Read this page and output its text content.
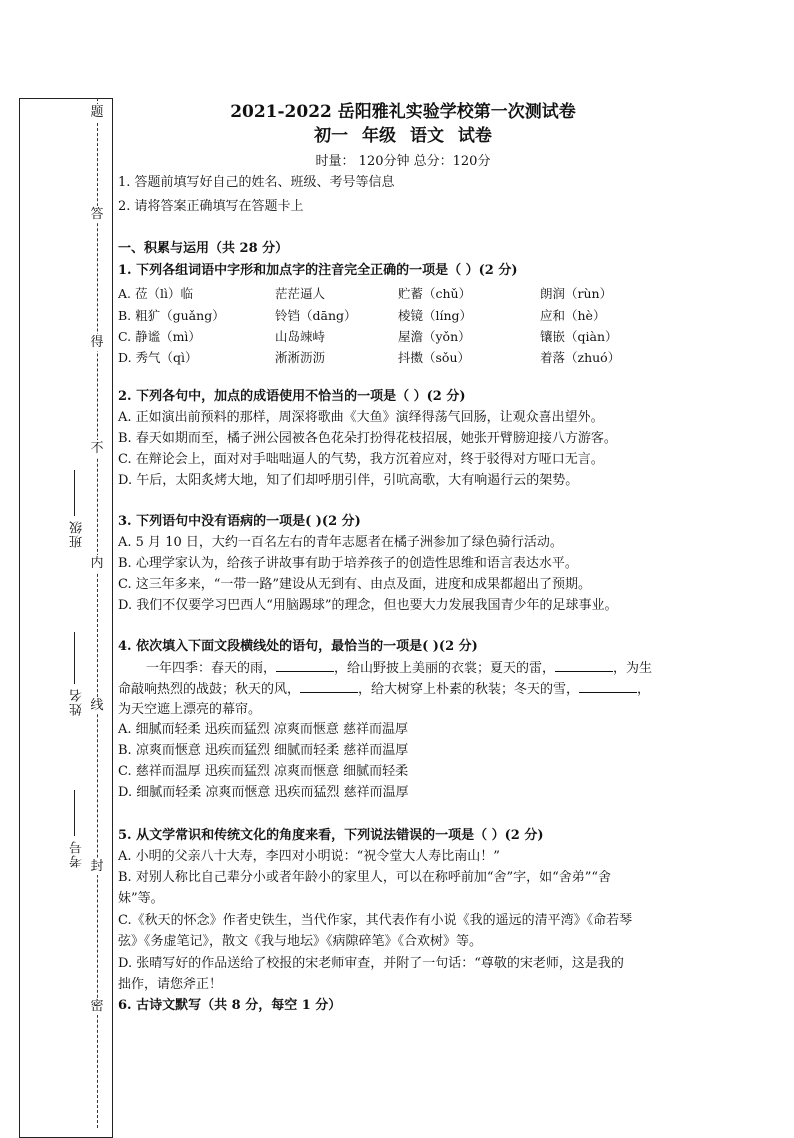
题
答
得
不
内
线
封
密
班级
姓名
考号
2021-2022 岳阳雅礼实验学校第一次测试卷
初一 年级 语文 试卷
时量： 120分钟 总分：120分
1. 答题前填写好自己的姓名、班级、考号等信息
2. 请将答案正确填写在答题卡上
一、积累与运用（共 28 分）
1. 下列各组词语中字形和加点字的注音完全正确的一项是（ ）(2 分)
A. 莅（lì）临	茫茫逼人	贮蓄（chǔ）	朗润（rùn）
B. 粗犷（guǎng）	铃铛（dāng）	棱镜（líng）	应和（hè）
C. 静谧（mì）	山岛竦峙	屋澹（yǒn）	镶嵌（qiàn）
D. 秀气（qì）	淅淅沥沥	抖擞（sǒu）	着落（zhuó）
2. 下列各句中，加点的成语使用不恰当的一项是（ ）(2 分)
A. 正如演出前预料的那样，周深将歌曲《大鱼》演绎得荡气回肠，让观众喜出望外。
B. 春天如期而至，橘子洲公园被各色花朵打扮得花枝招展，她张开臂膀迎接八方游客。
C. 在辩论会上，面对对手咄咄逼人的气势，我方沉着应对，终于驳得对方哑口无言。
D. 午后，太阳炙烤大地，知了们却呼朋引伴，引吭高歌，大有响遏行云的架势。
3. 下列语句中没有语病的一项是( )(2 分)
A. 5 月 10 日，大约一百名左右的青年志愿者在橘子洲参加了绿色骑行活动。
B. 心理学家认为，给孩子讲故事有助于培养孩子的创造性思维和语言表达水平。
C. 这三年多来，“一带一路”建设从无到有、由点及面，进度和成果都超出了预期。
D. 我们不仅要学习巴西人“用脑踢球”的理念，但也要大力发展我国青少年的足球事业。
4. 依次填入下面文段横线处的语句，最恰当的一项是( )(2 分)
一年四季：春天的雨，	，给山野披上美丽的衣裳；夏天的雷，	，为生
命敲响热烈的战鼓；秋天的风，	，给大树穿上朴素的秋装；冬天的雪，	，
为天空遮上漂亮的幕帘。
A. 细腻而轻柔 迅疾而猛烈 凉爽而惬意 慈祥而温厚
B. 凉爽而惬意 迅疾而猛烈 细腻而轻柔 慈祥而温厚
C. 慈祥而温厚 迅疾而猛烈 凉爽而惬意 细腻而轻柔
D. 细腻而轻柔 凉爽而惬意 迅疾而猛烈 慈祥而温厚
5. 从文学常识和传统文化的角度来看，下列说法错误的一项是（ ）(2 分)
A. 小明的父亲八十大寿，李四对小明说：“祝令堂大人寿比南山！”
B. 对别人称比自己辈分小或者年龄小的家里人，可以在称呼前加“舍”字，如“舍弟”“舍
妹”等。
C.《秋天的怀念》作者史铁生，当代作家，其代表作有小说《我的遥远的清平湾》《命若琴
弦》《务虚笔记》，散文《我与地坛》《病隙碎笔》《合欢树》等。
D. 张晴写好的作品送给了校报的宋老师审查，并附了一句话：“尊敬的宋老师，这是我的
拙作，请您斧正！
6. 古诗文默写（共 8 分，每空 1 分）
